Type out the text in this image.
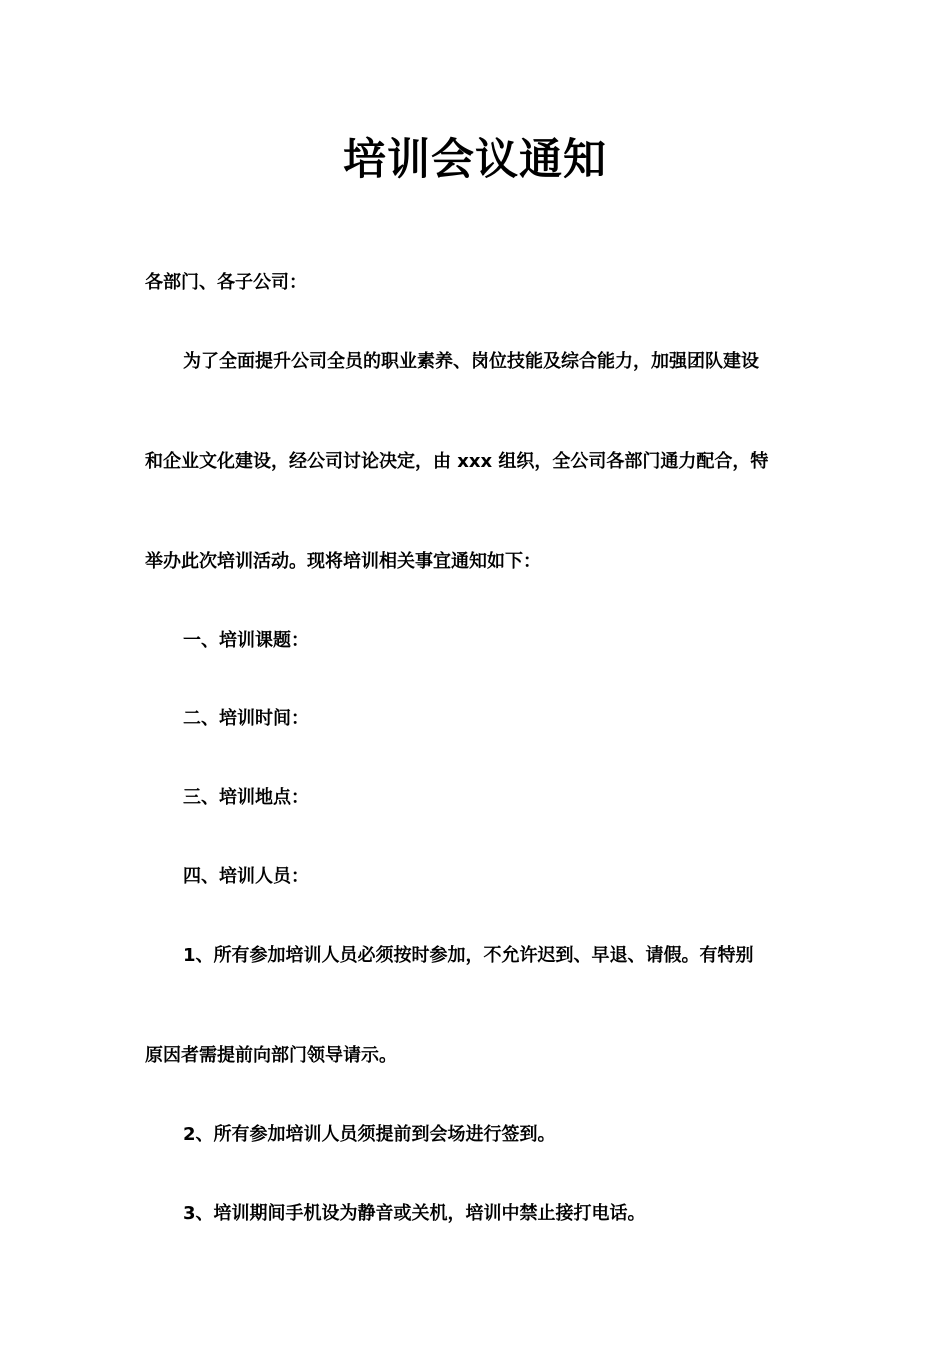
培训会议通知
各部门、各子公司：
为了全面提升公司全员的职业素养、岗位技能及综合能力，加强团队建设
和企业文化建设，经公司讨论决定，由 xxx 组织，全公司各部门通力配合，特
举办此次培训活动。现将培训相关事宜通知如下：
一、培训课题：
二、培训时间：
三、培训地点：
四、培训人员：
1、所有参加培训人员必须按时参加，不允许迟到、早退、请假。有特别
原因者需提前向部门领导请示。
2、所有参加培训人员须提前到会场进行签到。
3、培训期间手机设为静音或关机，培训中禁止接打电话。
